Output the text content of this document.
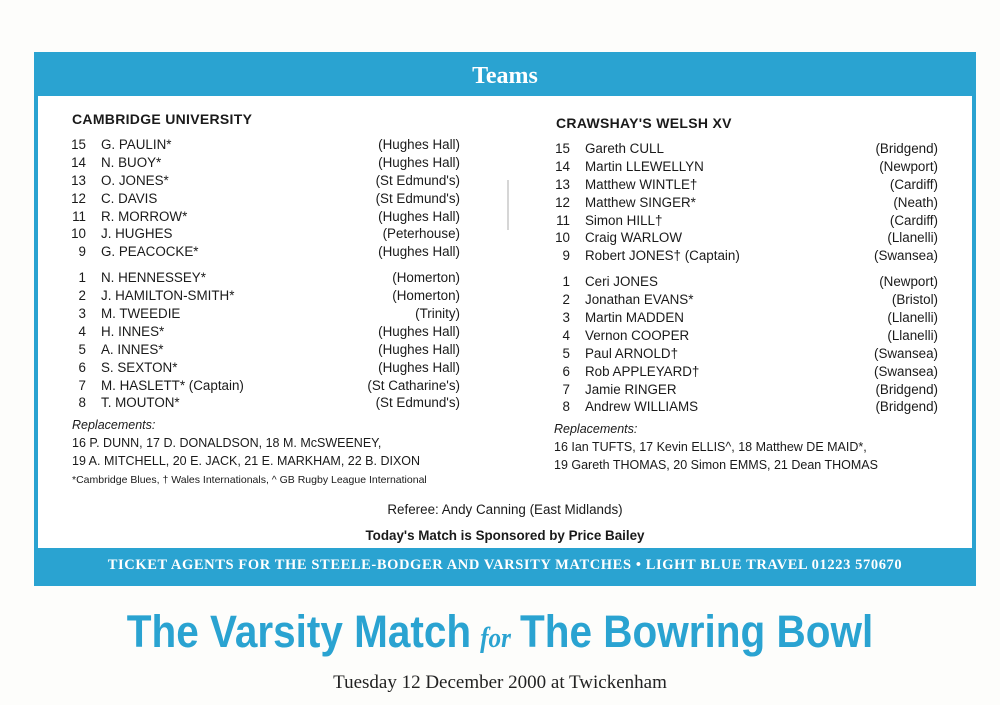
Teams
CAMBRIDGE UNIVERSITY
15 G. PAULIN*	(Hughes Hall)
14 N. BUOY*	(Hughes Hall)
13 O. JONES*	(St Edmund's)
12 C. DAVIS	(St Edmund's)
11 R. MORROW*	(Hughes Hall)
10 J. HUGHES	(Peterhouse)
9 G. PEACOCKE*	(Hughes Hall)
1 N. HENNESSEY*	(Homerton)
2 J. HAMILTON-SMITH*	(Homerton)
3 M. TWEEDIE	(Trinity)
4 H. INNES*	(Hughes Hall)
5 A. INNES*	(Hughes Hall)
6 S. SEXTON*	(Hughes Hall)
7 M. HASLETT* (Captain)	(St Catharine's)
8 T. MOUTON*	(St Edmund's)
Replacements:
16 P. DUNN, 17 D. DONALDSON, 18 M. McSWEENEY,
19 A. MITCHELL, 20 E. JACK, 21 E. MARKHAM, 22 B. DIXON
*Cambridge Blues, † Wales Internationals, ^ GB Rugby League International
CRAWSHAY'S WELSH XV
15 Gareth CULL	(Bridgend)
14 Martin LLEWELLYN	(Newport)
13 Matthew WINTLE†	(Cardiff)
12 Matthew SINGER*	(Neath)
11 Simon HILL†	(Cardiff)
10 Craig WARLOW	(Llanelli)
9 Robert JONES† (Captain)	(Swansea)
1 Ceri JONES	(Newport)
2 Jonathan EVANS*	(Bristol)
3 Martin MADDEN	(Llanelli)
4 Vernon COOPER	(Llanelli)
5 Paul ARNOLD†	(Swansea)
6 Rob APPLEYARD†	(Swansea)
7 Jamie RINGER	(Bridgend)
8 Andrew WILLIAMS	(Bridgend)
Replacements:
16 Ian TUFTS, 17 Kevin ELLIS^, 18 Matthew DE MAID*,
19 Gareth THOMAS, 20 Simon EMMS, 21 Dean THOMAS
Referee: Andy Canning (East Midlands)
Today's Match is Sponsored by Price Bailey
TICKET AGENTS FOR THE STEELE-BODGER AND VARSITY MATCHES • LIGHT BLUE TRAVEL 01223 570670
The Varsity Match for The Bowring Bowl
Tuesday 12 December 2000 at Twickenham
